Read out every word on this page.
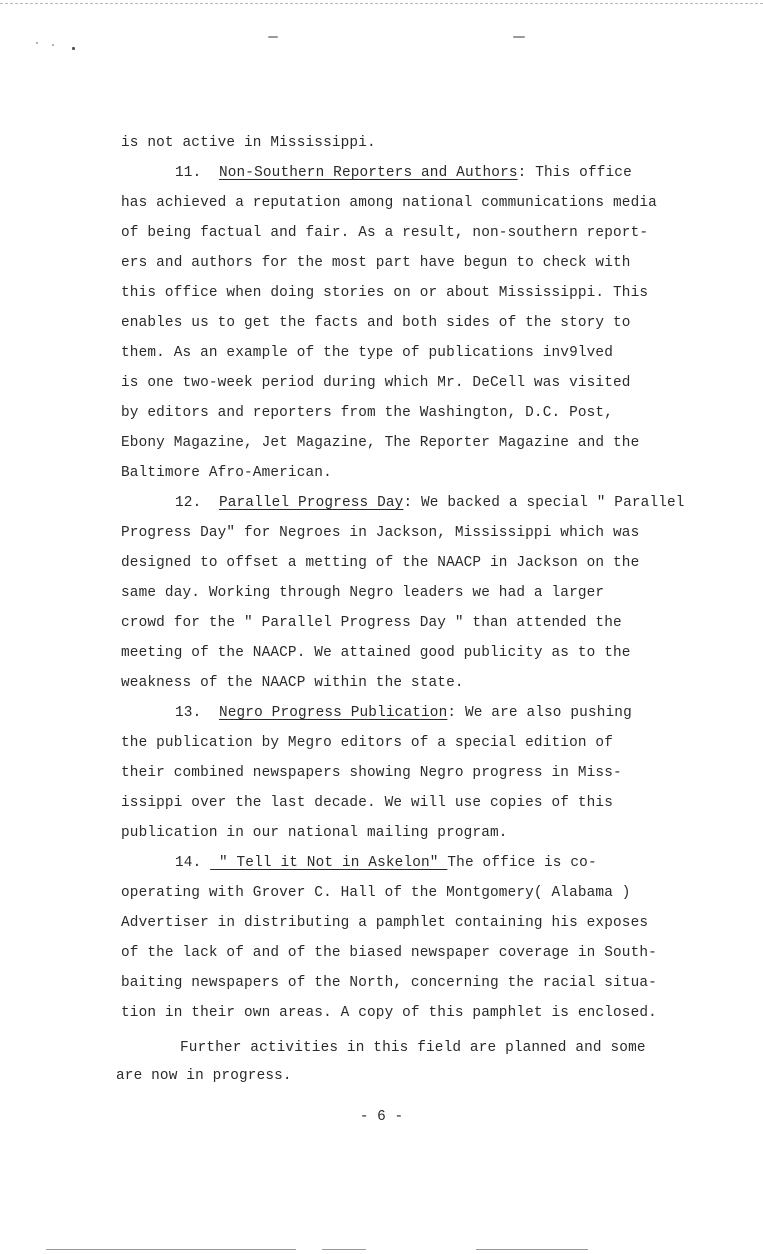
is not active in Mississippi.
11. Non-Southern Reporters and Authors: This office
has achieved a reputation among national communications media
of being factual and fair. As a result, non-southern report-
ers and authors for the most part have begun to check with
this office when doing stories on or about Mississippi. This
enables us to get the facts and both sides of the story to
them. As an example of the type of publications inv9lved
is one two-week period during which Mr. DeCell was visited
by editors and reporters from the Washington, D.C. Post,
Ebony Magazine, Jet Magazine, The Reporter Magazine and the
Baltimore Afro-American.
12. Parallel Progress Day: We backed a special " Parallel
Progress Day" for Negroes in Jackson, Mississippi which was
designed to offset a metting of the NAACP in Jackson on the
same day. Working through Negro leaders we had a larger
crowd for the " Parallel Progress Day " than attended the
meeting of the NAACP. We attained good publicity as to the
weakness of the NAACP within the state.
13. Negro Progress Publication: We are also pushing
the publication by Megro editors of a special edition of
their combined newspapers showing Negro progress in Miss-
issippi over the last decade. We will use copies of this
publication in our national mailing program.
14.  " Tell it Not in Askelon" The office is co-
operating with Grover C. Hall of the Montgomery( Alabama )
Advertiser in distributing a pamphlet containing his exposes
of the lack of and of the biased newspaper coverage in South-
baiting newspapers of the North, concerning the racial situa-
tion in their own areas. A copy of this pamphlet is enclosed.
Further activities in this field are planned and some
are now in progress.
- 6 -
